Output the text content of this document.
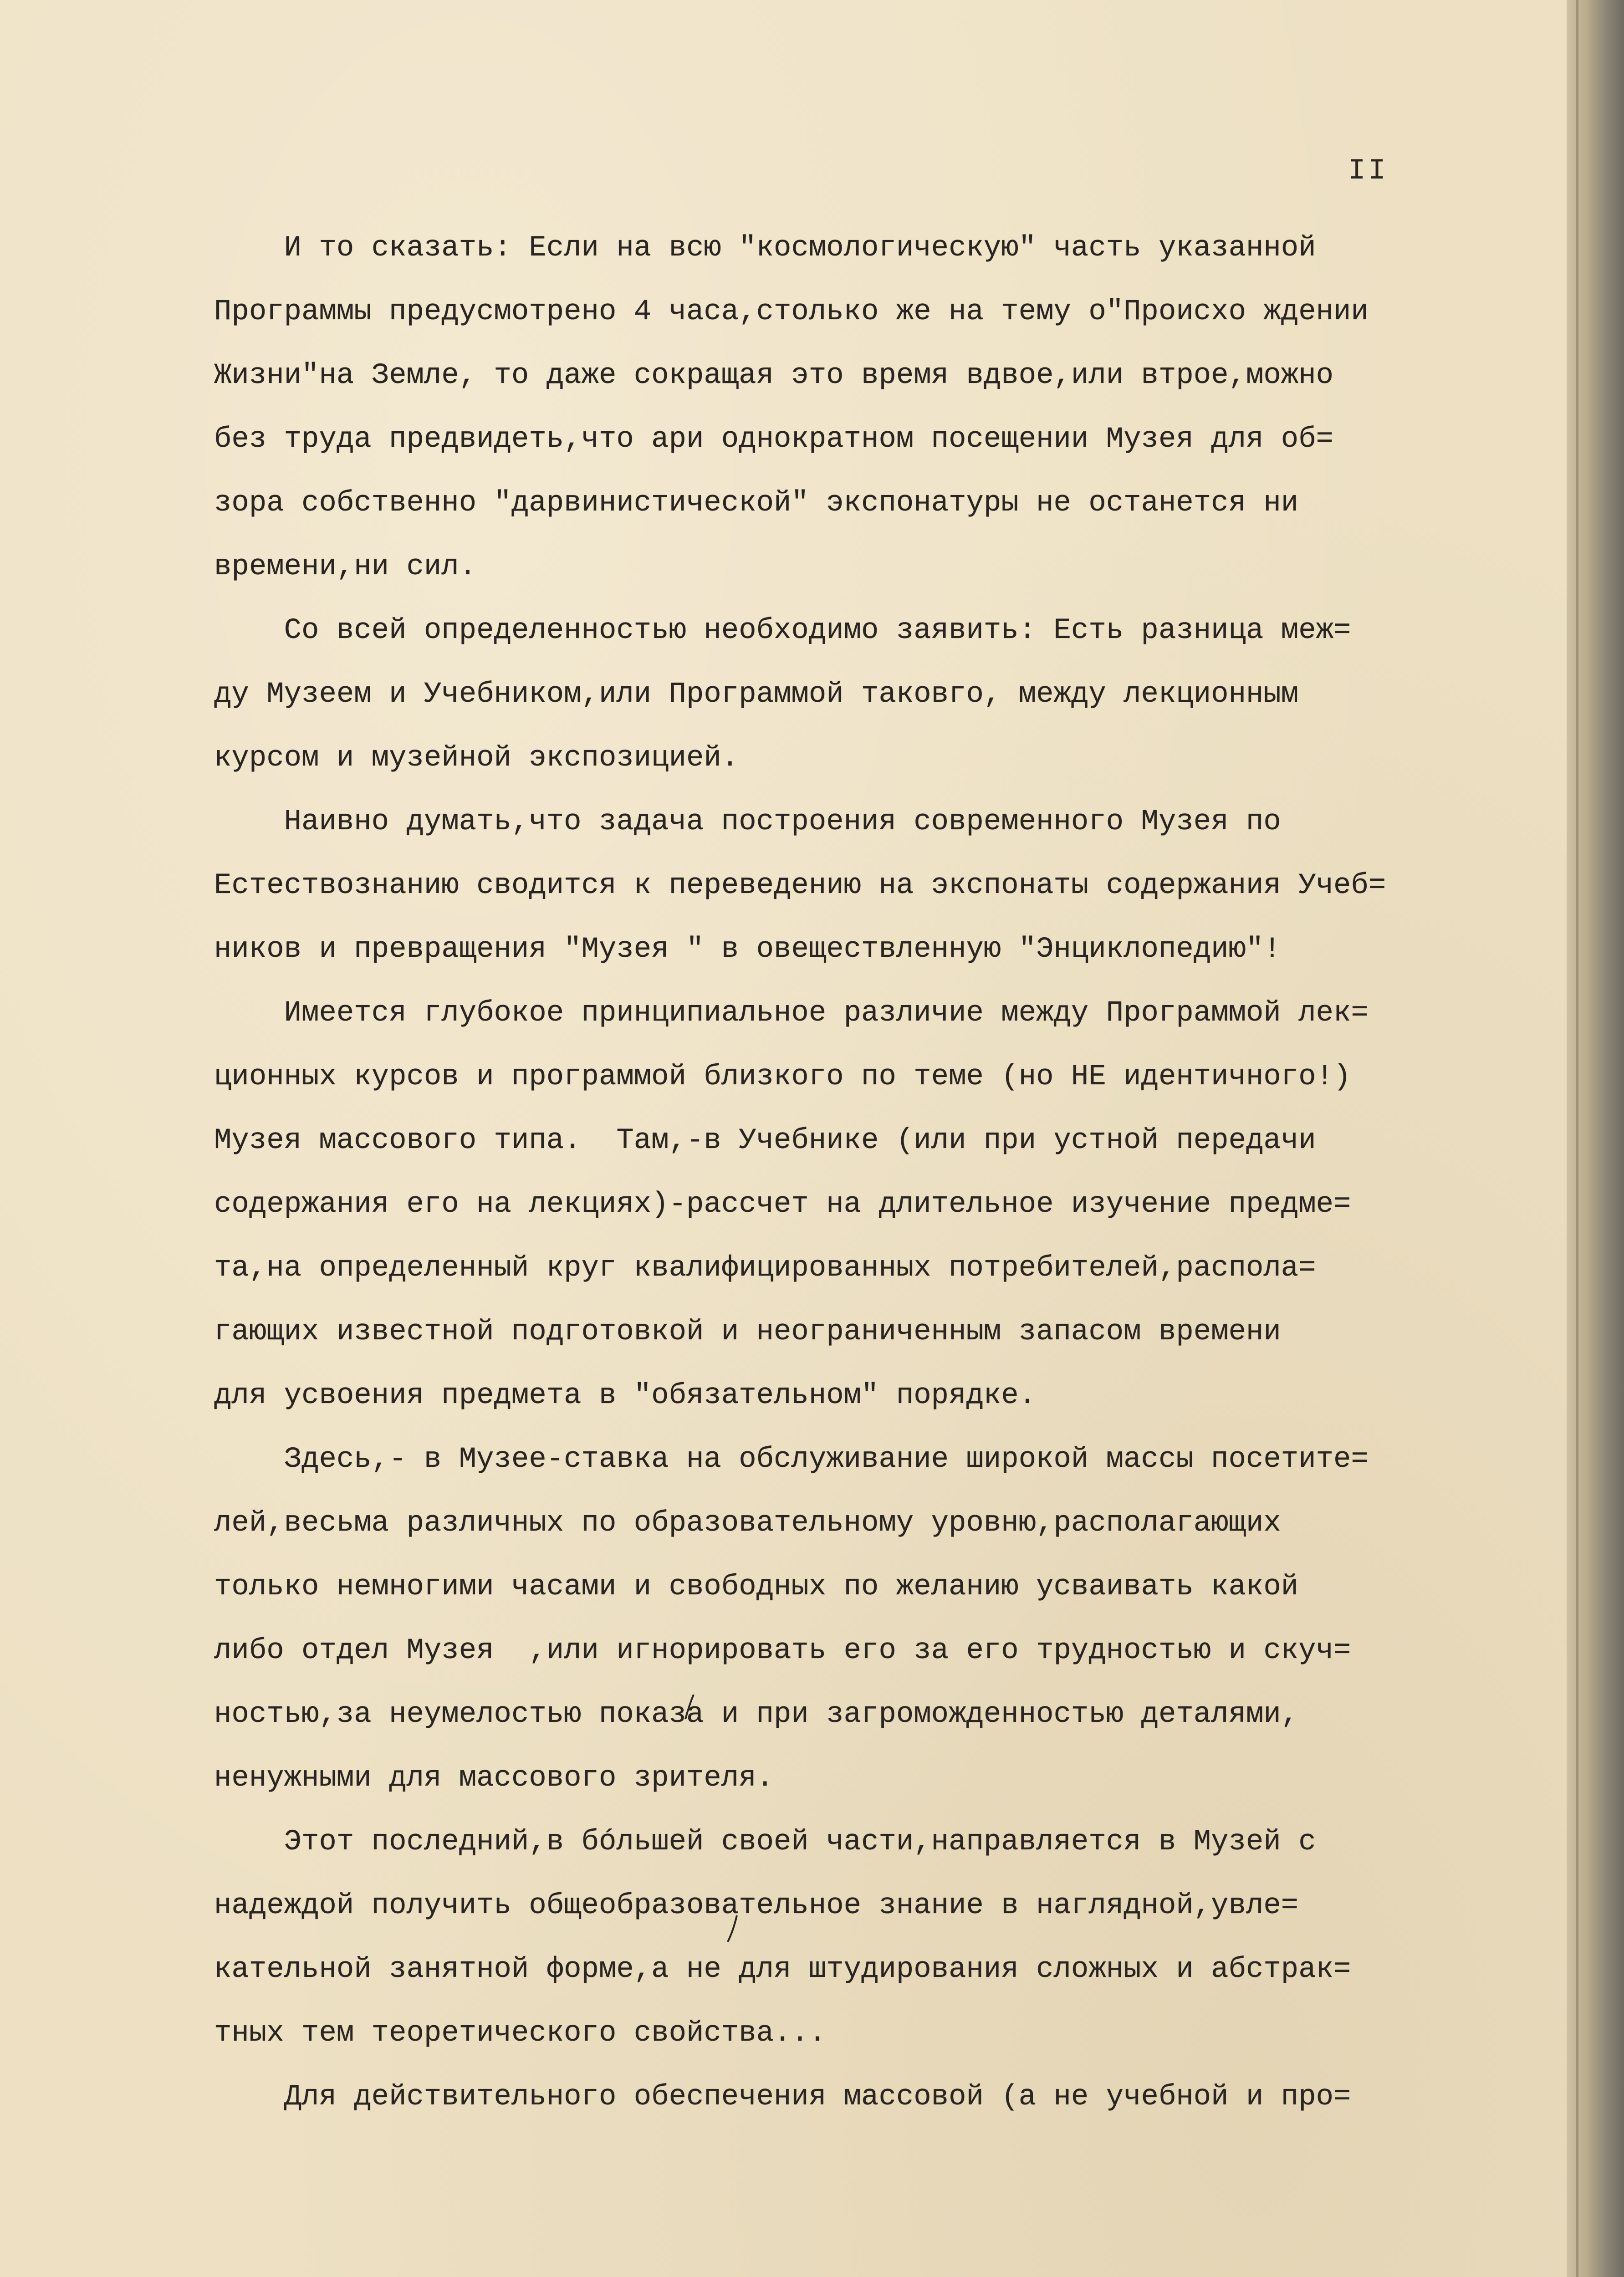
II
И то сказать: Если на всю "космологическую" часть указанной
Программы предусмотрено 4 часа,столько же на тему о"Происхо ждении
Жизни"на Земле, то даже сокращая это время вдвое,или втрое,можно
без труда предвидеть,что ари однократном посещении Музея для об=
зора собственно "дарвинистической" экспонатуры не останется ни
времени,ни сил.
Со всей определенностью необходимо заявить: Есть разница меж=
ду Музеем и Учебником,или Программой таковго, между лекционным
курсом и музейной экспозицией.
Наивно думать,что задача построения современного Музея по
Естествознанию сводится к переведению на экспонаты содержания Учеб=
ников и превращения "Музея " в овеществленную "Энциклопедию"!
Имеется глубокое принципиальное различие между Программой лек=
ционных курсов и программой близкого по теме (но НЕ идентичного!)
Музея массового типа.  Там,-в Учебнике (или при устной передачи
содержания его на лекциях)-рассчет на длительное изучение предме=
та,на определенный круг квалифицированных потребителей,распола=
гающих известной подготовкой и неограниченным запасом времени
для усвоения предмета в "обязательном" порядке.
Здесь,- в Музее-ставка на обслуживание широкой массы посетите=
лей,весьма различных по образовательному уровню,располагающих
только немногими часами и свободных по желанию усваивать какой
либо отдел Музея  ,или игнорировать его за его трудностью и скуч=
ностью,за неумелостью показа и при загроможденностью деталями,
ненужными для массового зрителя.
Этот последний,в бóльшей своей части,направляется в Музей с
надеждой получить общеобразовательное знание в наглядной,увле=
кательной занятной форме,а не для штудирования сложных и абстрак=
тных тем теоретического свойства...
Для действительного обеспечения массовой (а не учебной и про=
